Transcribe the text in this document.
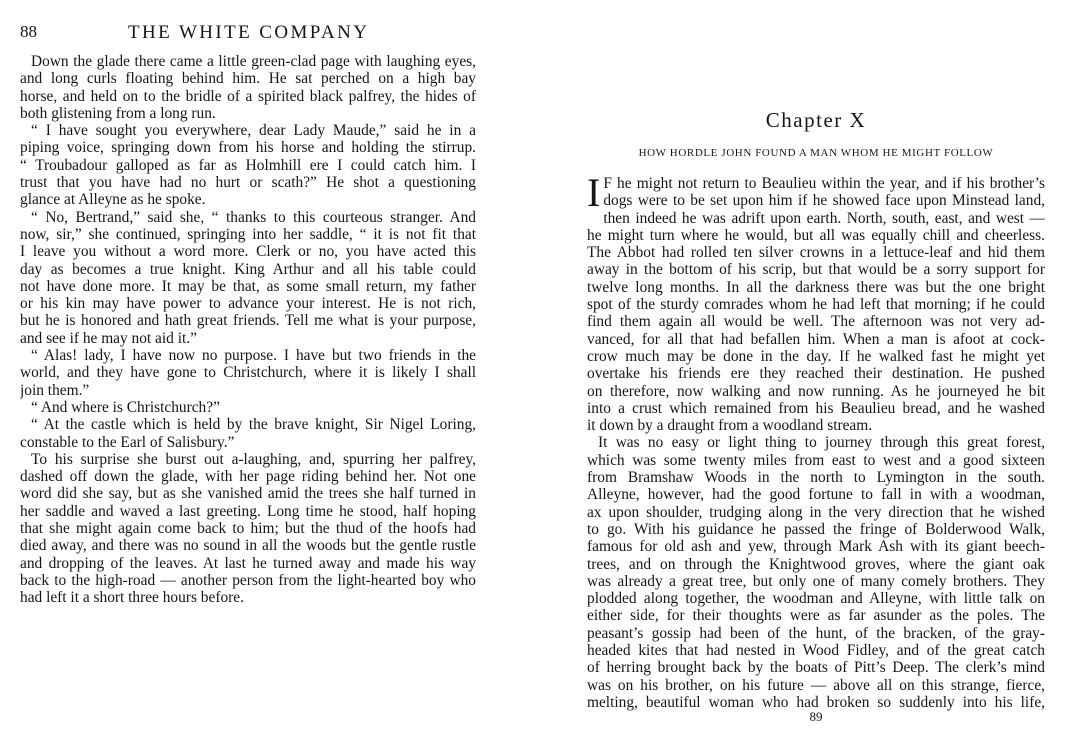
88	THE WHITE COMPANY
Down the glade there came a little green-clad page with laughing eyes,
and long curls floating behind him. He sat perched on a high bay
horse, and held on to the bridle of a spirited black palfrey, the hides of
both glistening from a long run.
“ I have sought you everywhere, dear Lady Maude,” said he in a
piping voice, springing down from his horse and holding the stirrup.
“ Troubadour galloped as far as Holmhill ere I could catch him. I
trust that you have had no hurt or scath?” He shot a questioning
glance at Alleyne as he spoke.
“ No, Bertrand,” said she, “ thanks to this courteous stranger. And
now, sir,” she continued, springing into her saddle, “ it is not fit that
I leave you without a word more. Clerk or no, you have acted this
day as becomes a true knight. King Arthur and all his table could
not have done more. It may be that, as some small return, my father
or his kin may have power to advance your interest. He is not rich,
but he is honored and hath great friends. Tell me what is your purpose,
and see if he may not aid it.”
“ Alas! lady, I have now no purpose. I have but two friends in the
world, and they have gone to Christchurch, where it is likely I shall
join them.”
“ And where is Christchurch?”
“ At the castle which is held by the brave knight, Sir Nigel Loring,
constable to the Earl of Salisbury.”
To his surprise she burst out a-laughing, and, spurring her palfrey,
dashed off down the glade, with her page riding behind her. Not one
word did she say, but as she vanished amid the trees she half turned in
her saddle and waved a last greeting. Long time he stood, half hoping
that she might again come back to him; but the thud of the hoofs had
died away, and there was no sound in all the woods but the gentle rustle
and dropping of the leaves. At last he turned away and made his way
back to the high-road — another person from the light-hearted boy who
had left it a short three hours before.
Chapter X
HOW HORDLE JOHN FOUND A MAN WHOM HE MIGHT FOLLOW
I F he might not return to Beaulieu within the year, and if his brother’s
dogs were to be set upon him if he showed face upon Minstead land,
then indeed he was adrift upon earth. North, south, east, and west —
he might turn where he would, but all was equally chill and cheerless.
The Abbot had rolled ten silver crowns in a lettuce-leaf and hid them
away in the bottom of his scrip, but that would be a sorry support for
twelve long months. In all the darkness there was but the one bright
spot of the sturdy comrades whom he had left that morning; if he could
find them again all would be well. The afternoon was not very ad-
vanced, for all that had befallen him. When a man is afoot at cock-
crow much may be done in the day. If he walked fast he might yet
overtake his friends ere they reached their destination. He pushed
on therefore, now walking and now running. As he journeyed he bit
into a crust which remained from his Beaulieu bread, and he washed
it down by a draught from a woodland stream.
It was no easy or light thing to journey through this great forest,
which was some twenty miles from east to west and a good sixteen
from Bramshaw Woods in the north to Lymington in the south.
Alleyne, however, had the good fortune to fall in with a woodman,
ax upon shoulder, trudging along in the very direction that he wished
to go. With his guidance he passed the fringe of Bolderwood Walk,
famous for old ash and yew, through Mark Ash with its giant beech-
trees, and on through the Knightwood groves, where the giant oak
was already a great tree, but only one of many comely brothers. They
plodded along together, the woodman and Alleyne, with little talk on
either side, for their thoughts were as far asunder as the poles. The
peasant’s gossip had been of the hunt, of the bracken, of the gray-
headed kites that had nested in Wood Fidley, and of the great catch
of herring brought back by the boats of Pitt’s Deep. The clerk’s mind
was on his brother, on his future — above all on this strange, fierce,
melting, beautiful woman who had broken so suddenly into his life,
89
